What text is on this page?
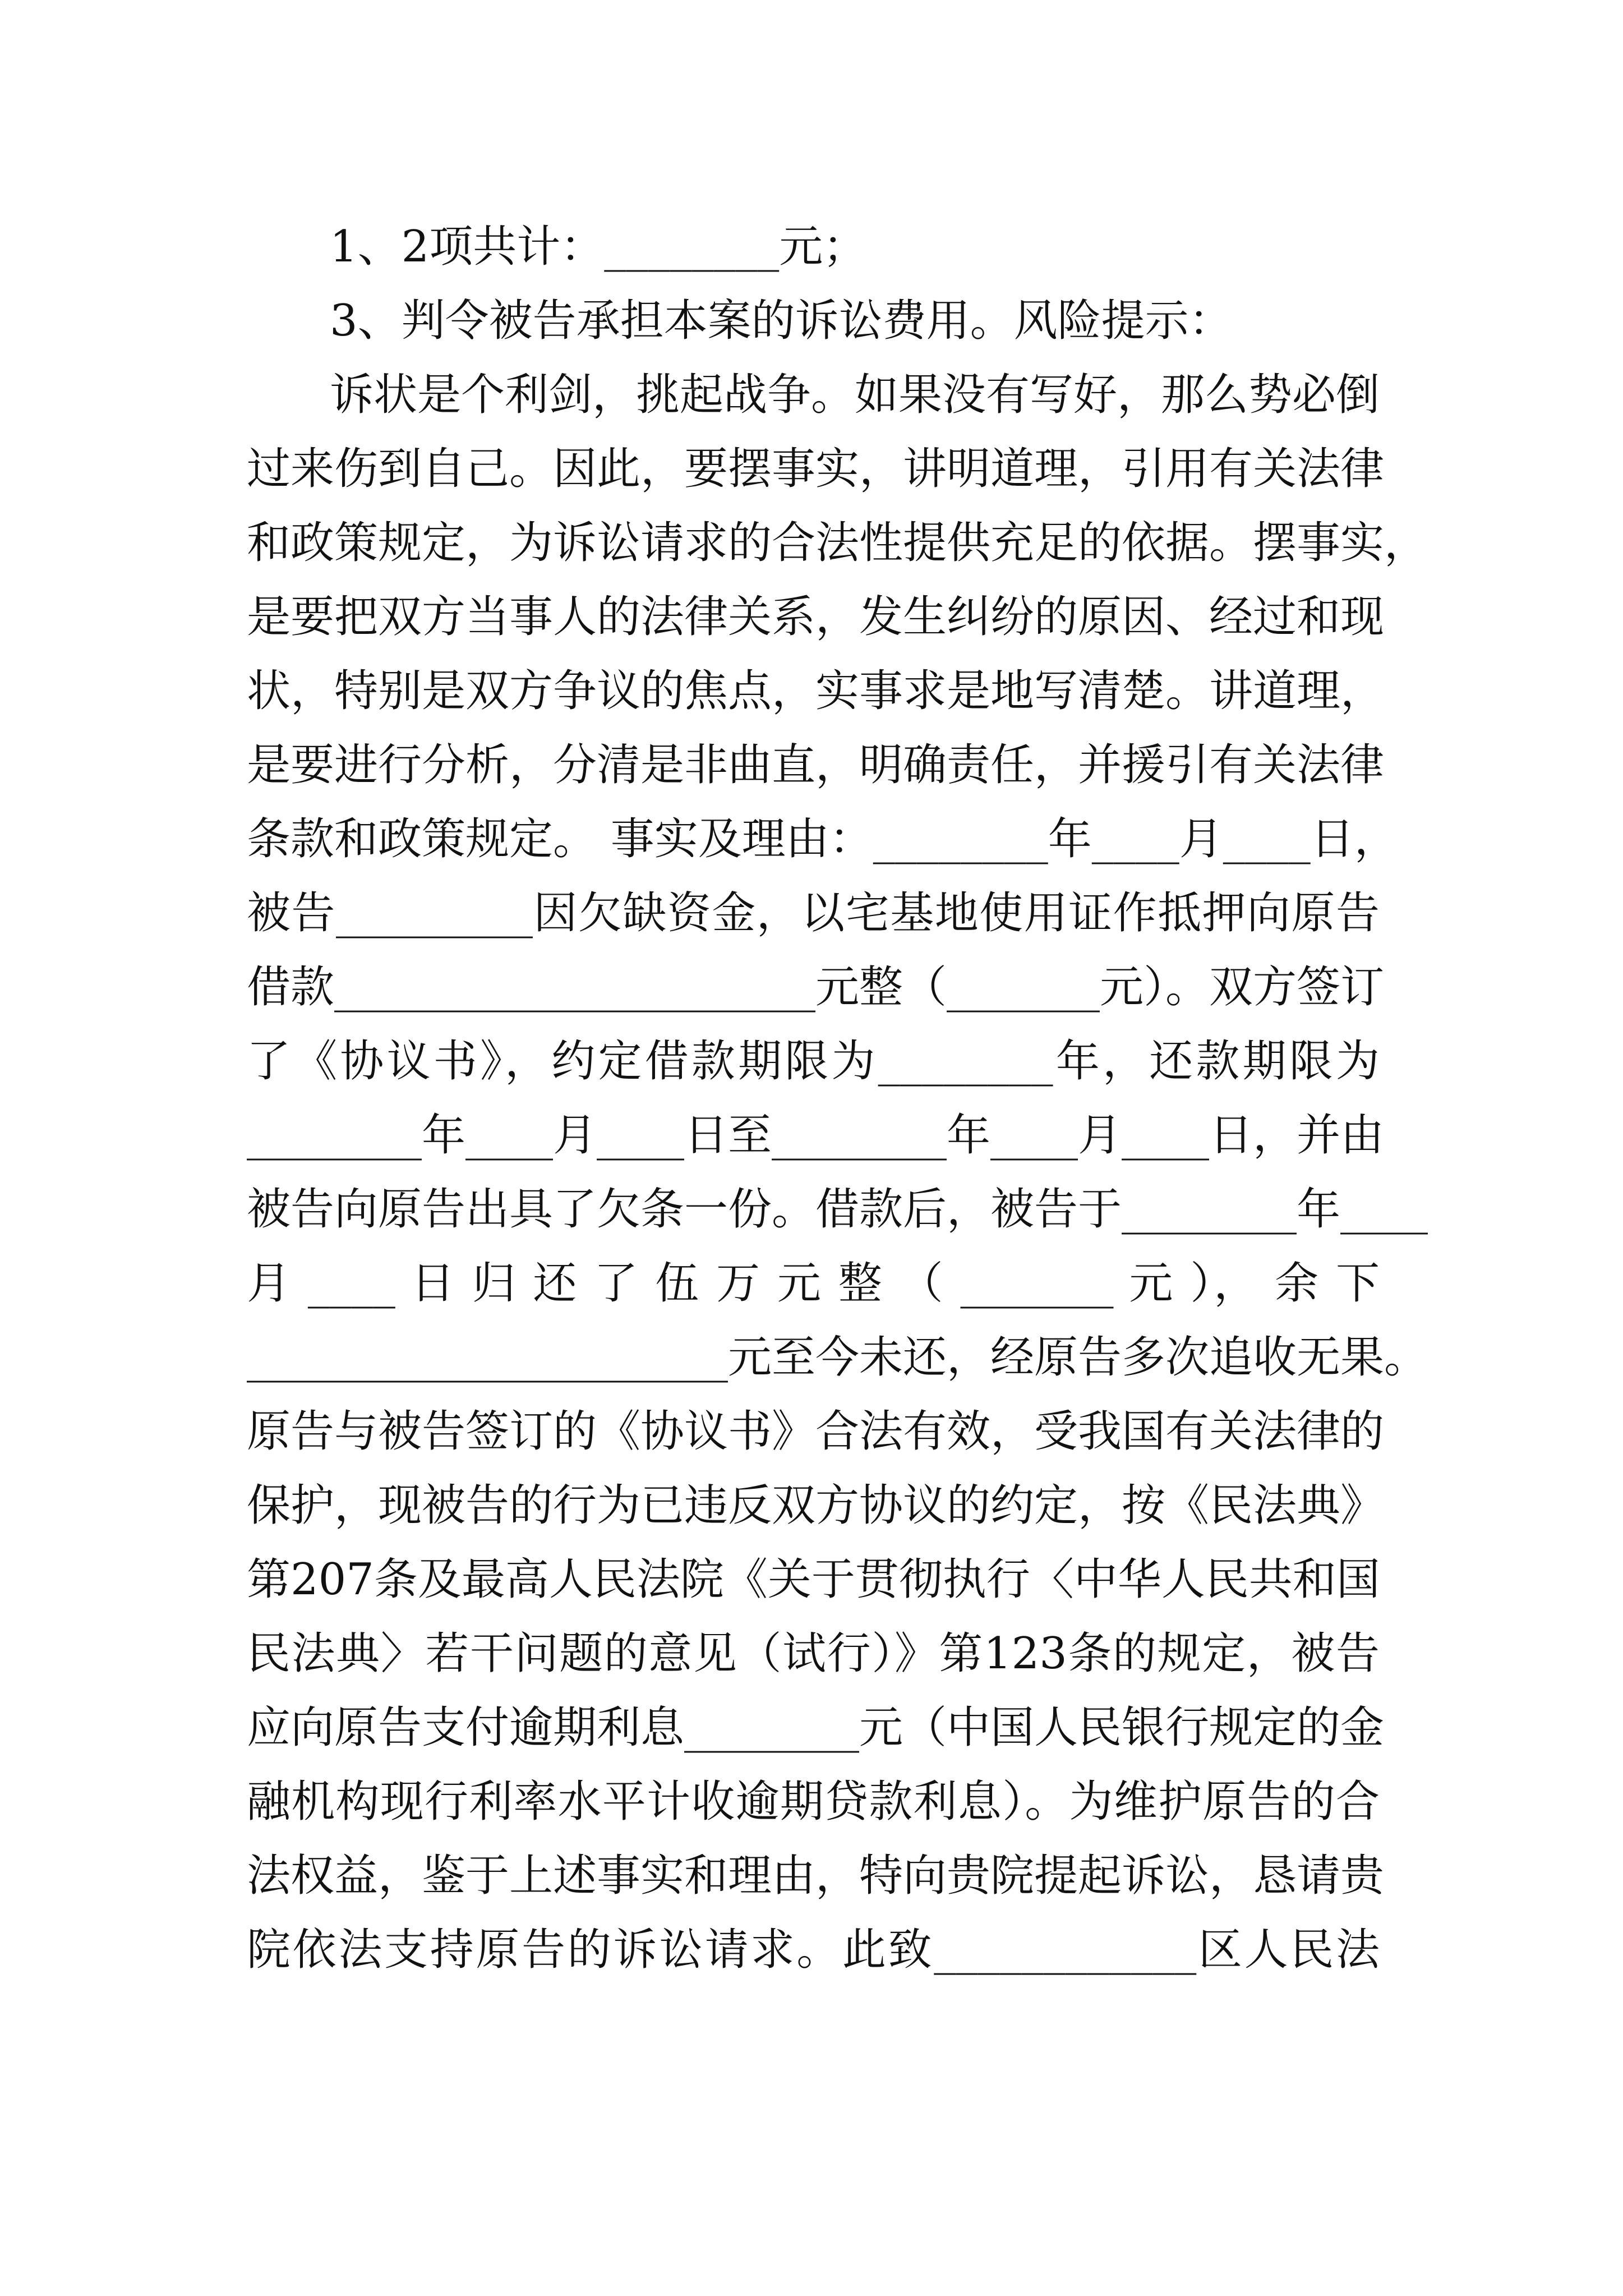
1、2项共计：________元；
3、判令被告承担本案的诉讼费用。风险提示：
诉状是个利剑，挑起战争。如果没有写好，那么势必倒
过来伤到自己。因此，要摆事实，讲明道理，引用有关法律
和政策规定，为诉讼请求的合法性提供充足的依据。摆事实，
是要把双方当事人的法律关系，发生纠纷的原因、经过和现
状，特别是双方争议的焦点，实事求是地写清楚。讲道理，
是要进行分析，分清是非曲直，明确责任，并援引有关法律
条款和政策规定。 事实及理由：________年____月____日，
被告_________因欠缺资金，以宅基地使用证作抵押向原告
借款______________________元整（_______元）。双方签订
了《协议书》，约定借款期限为________年，还款期限为
________年____月____日至________年____月____日，并由
被告向原告出具了欠条一份。借款后，被告于________年____
月 ____ 日 归 还 了 伍 万 元 整 （ _______ 元 ）， 余 下
______________________元至今未还，经原告多次追收无果。
原告与被告签订的《协议书》合法有效，受我国有关法律的
保护，现被告的行为已违反双方协议的约定，按《民法典》
第207条及最高人民法院《关于贯彻执行〈中华人民共和国
民法典〉若干问题的意见（试行）》第123条的规定，被告
应向原告支付逾期利息________元（中国人民银行规定的金
融机构现行利率水平计收逾期贷款利息）。为维护原告的合
法权益，鉴于上述事实和理由，特向贵院提起诉讼，恳请贵
院依法支持原告的诉讼请求。此致____________区人民法
